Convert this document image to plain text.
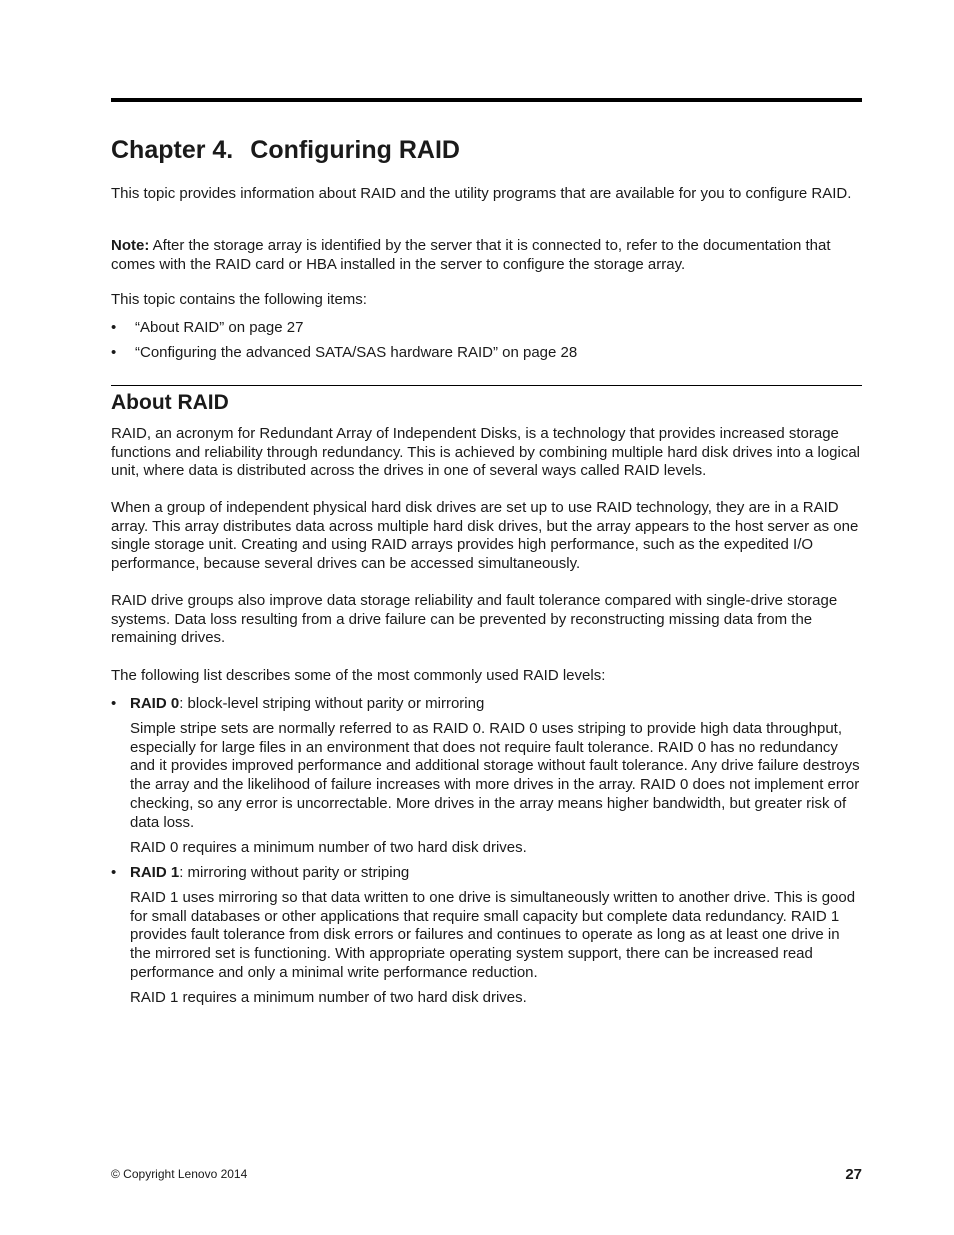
Chapter 4. Configuring RAID

This topic provides information about RAID and the utility programs that are available for you to configure RAID.

Note: After the storage array is identified by the server that it is connected to, refer to the documentation that comes with the RAID card or HBA installed in the server to configure the storage array.

This topic contains the following items:

• “About RAID” on page 27
• “Configuring the advanced SATA/SAS hardware RAID” on page 28
About RAID

RAID, an acronym for Redundant Array of Independent Disks, is a technology that provides increased storage functions and reliability through redundancy. This is achieved by combining multiple hard disk drives into a logical unit, where data is distributed across the drives in one of several ways called RAID levels.

When a group of independent physical hard disk drives are set up to use RAID technology, they are in a RAID array. This array distributes data across multiple hard disk drives, but the array appears to the host server as one single storage unit. Creating and using RAID arrays provides high performance, such as the expedited I/O performance, because several drives can be accessed simultaneously.

RAID drive groups also improve data storage reliability and fault tolerance compared with single-drive storage systems. Data loss resulting from a drive failure can be prevented by reconstructing missing data from the remaining drives.

The following list describes some of the most commonly used RAID levels:

• RAID 0: block-level striping without parity or mirroring

Simple stripe sets are normally referred to as RAID 0. RAID 0 uses striping to provide high data throughput, especially for large files in an environment that does not require fault tolerance. RAID 0 has no redundancy and it provides improved performance and additional storage without fault tolerance. Any drive failure destroys the array and the likelihood of failure increases with more drives in the array. RAID 0 does not implement error checking, so any error is uncorrectable. More drives in the array means higher bandwidth, but greater risk of data loss.

RAID 0 requires a minimum number of two hard disk drives.

• RAID 1: mirroring without parity or striping

RAID 1 uses mirroring so that data written to one drive is simultaneously written to another drive. This is good for small databases or other applications that require small capacity but complete data redundancy. RAID 1 provides fault tolerance from disk errors or failures and continues to operate as long as at least one drive in the mirrored set is functioning. With appropriate operating system support, there can be increased read performance and only a minimal write performance reduction.

RAID 1 requires a minimum number of two hard disk drives.

© Copyright Lenovo 2014	27
